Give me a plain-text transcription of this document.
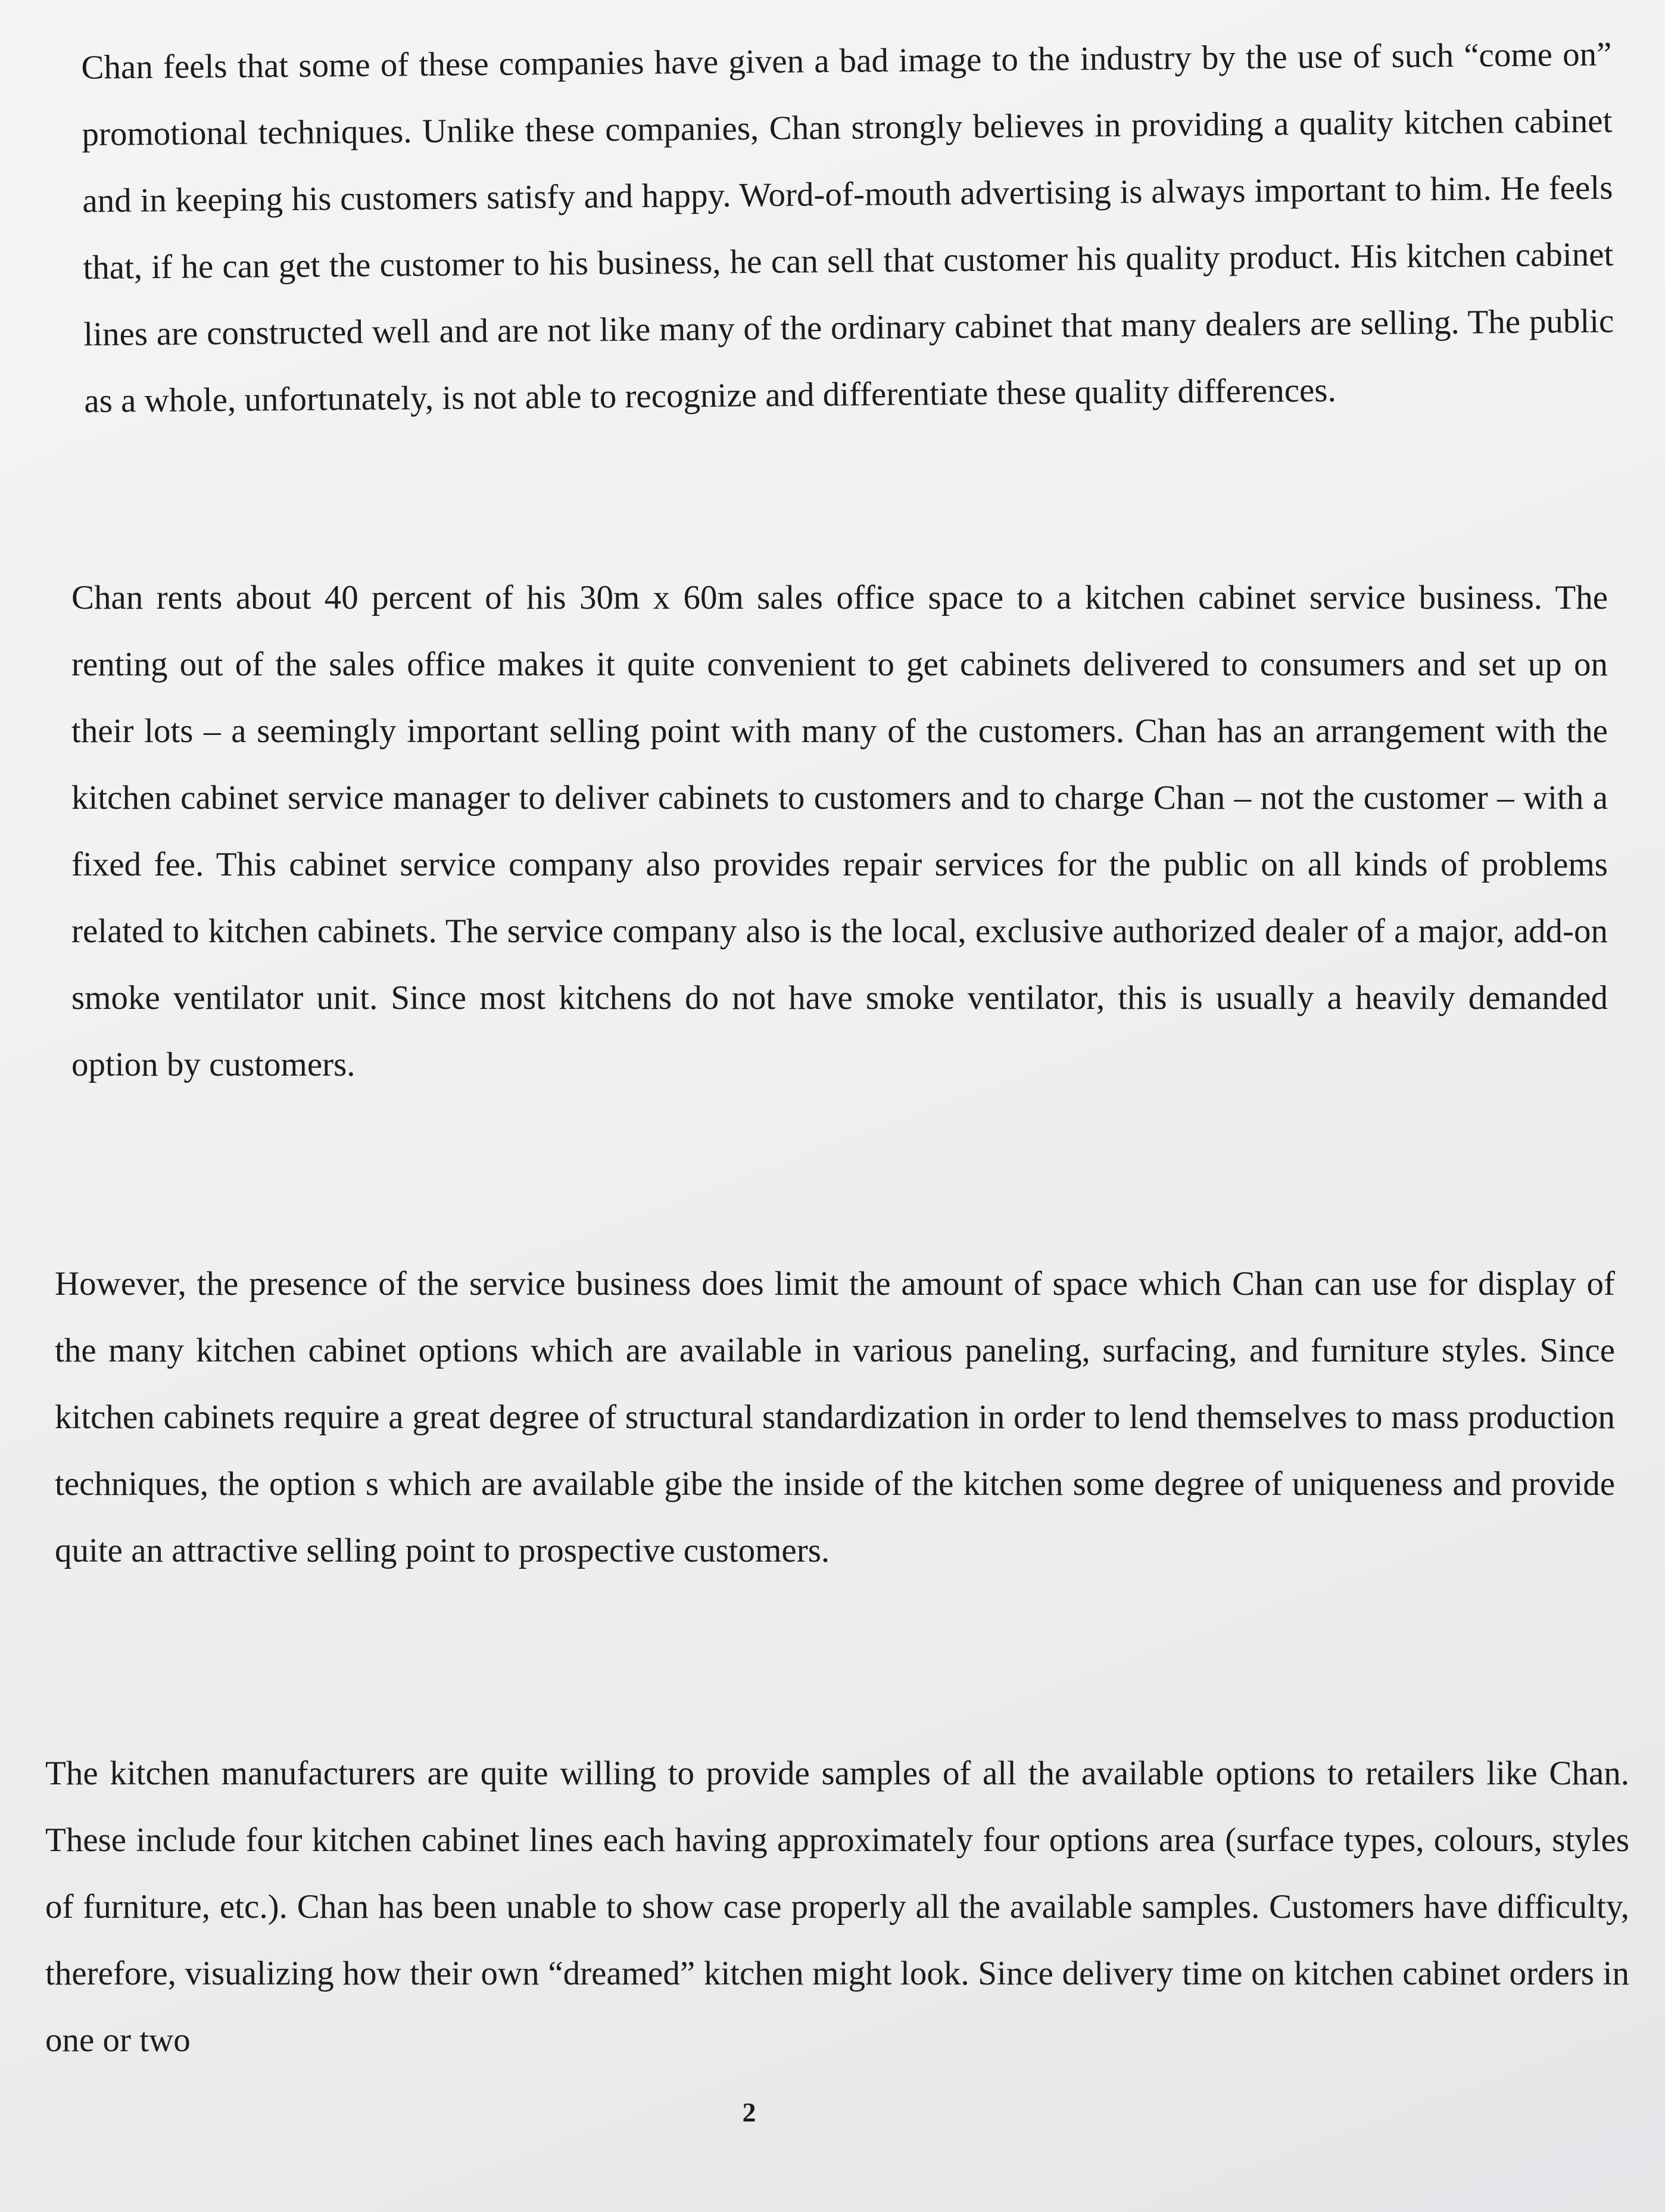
Chan feels that some of these companies have given a bad image to the industry by the use of such “come on” promotional techniques. Unlike these companies, Chan strongly believes in providing a quality kitchen cabinet and in keeping his customers satisfy and happy. Word-of-mouth advertising is always important to him. He feels that, if he can get the customer to his business, he can sell that customer his quality product. His kitchen cabinet lines are constructed well and are not like many of the ordinary cabinet that many dealers are selling. The public as a whole, unfortunately, is not able to recognize and differentiate these quality differences.

Chan rents about 40 percent of his 30m x 60m sales office space to a kitchen cabinet service business. The renting out of the sales office makes it quite convenient to get cabinets delivered to consumers and set up on their lots – a seemingly important selling point with many of the customers. Chan has an arrangement with the kitchen cabinet service manager to deliver cabinets to customers and to charge Chan – not the customer – with a fixed fee. This cabinet service company also provides repair services for the public on all kinds of problems related to kitchen cabinets. The service company also is the local, exclusive authorized dealer of a major, add-on smoke ventilator unit. Since most kitchens do not have smoke ventilator, this is usually a heavily demanded option by customers.

However, the presence of the service business does limit the amount of space which Chan can use for display of the many kitchen cabinet options which are available in various paneling, surfacing, and furniture styles. Since kitchen cabinets require a great degree of structural standardization in order to lend themselves to mass production techniques, the option s which are available gibe the inside of the kitchen some degree of uniqueness and provide quite an attractive selling point to prospective customers.

The kitchen manufacturers are quite willing to provide samples of all the available options to retailers like Chan. These include four kitchen cabinet lines each having approximately four options area (surface types, colours, styles of furniture, etc.). Chan has been unable to show case properly all the available samples. Customers have difficulty, therefore, visualizing how their own “dreamed” kitchen might look. Since delivery time on kitchen cabinet orders in one or two

2
